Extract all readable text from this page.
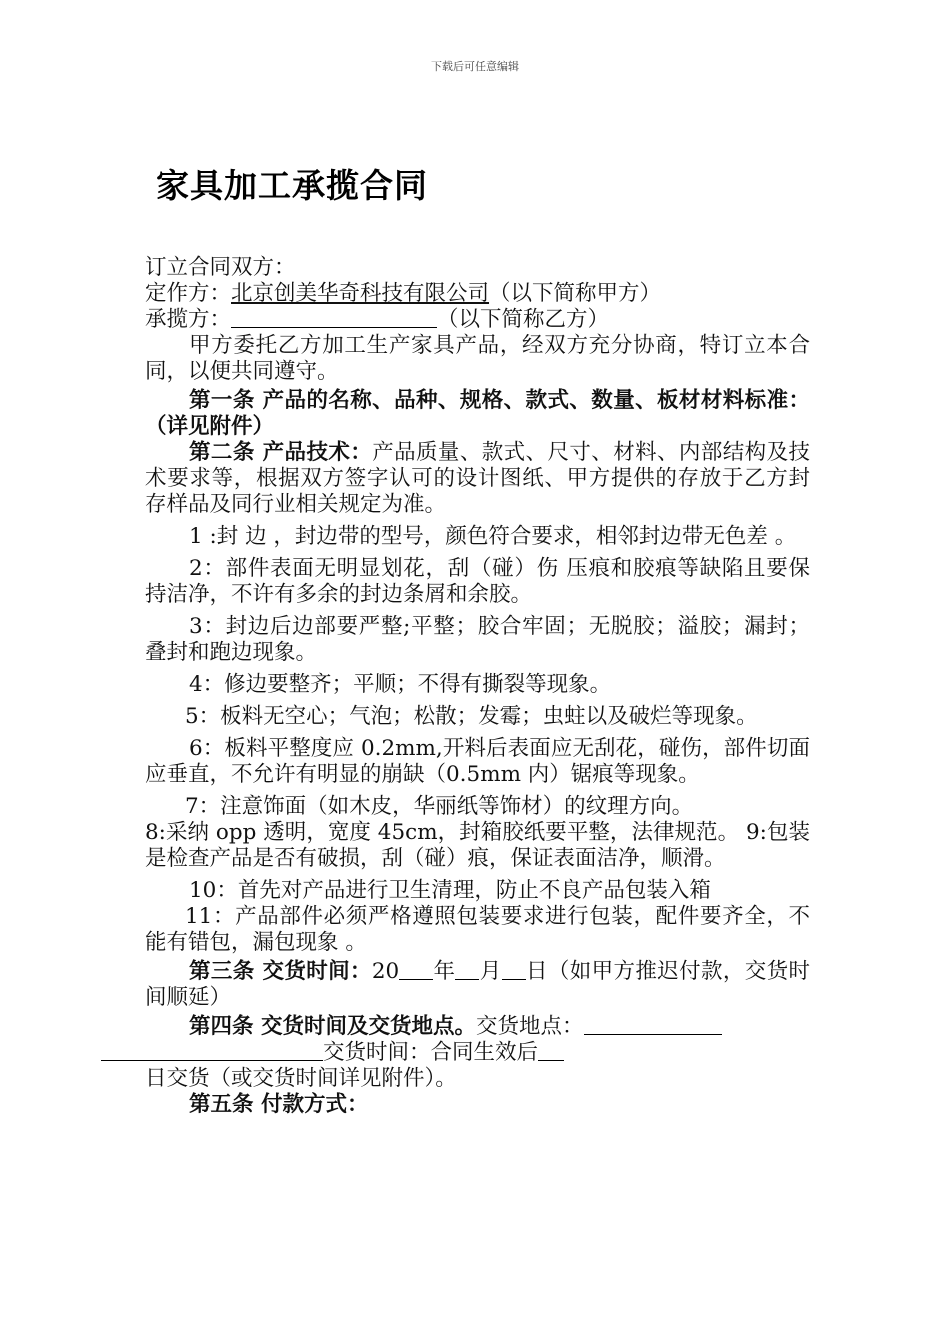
下载后可任意编辑
家具加工承揽合同

订立合同双方：

定作方：北京创美华奇科技有限公司（以下简称甲方）

承揽方：	（以下简称乙方）

甲方委托乙方加工生产家具产品，经双方充分协商，特订立本合同，以便共同遵守。

第一条 产品的名称、品种、规格、款式、数量、板材材料标准：（详见附件）

第二条 产品技术：产品质量、款式、尺寸、材料、内部结构及技术要求等，根据双方签字认可的设计图纸、甲方提供的存放于乙方封存样品及同行业相关规定为准。

1 :封 边 ，封边带的型号，颜色符合要求，相邻封边带无色差 。

2：部件表面无明显划花，刮（碰）伤 压痕和胶痕等缺陷且要保持洁净，不许有多余的封边条屑和余胶。

3：封边后边部要严整;平整；胶合牢固；无脱胶；溢胶；漏封；叠封和跑边现象。

4：修边要整齐；平顺；不得有撕裂等现象。

5：板料无空心；气泡；松散；发霉；虫蛀以及破烂等现象。

6：板料平整度应 0.2mm,开料后表面应无刮花，碰伤，部件切面应垂直，不允许有明显的崩缺（0.5mm 内）锯痕等现象。

7：注意饰面（如木皮，华丽纸等饰材）的纹理方向。
8:采纳 opp 透明，宽度 45cm，封箱胶纸要平整，法律规范。 9:包装是检查产品是否有破损，刮（碰）痕，保证表面洁净，顺滑。

10：首先对产品进行卫生清理，防止不良产品包装入箱

11：产品部件必须严格遵照包装要求进行包装，配件要齐全，不能有错包，漏包现象 。

第三条 交货时间：20 年 月 日（如甲方推迟付款，交货时间顺延）

第四条 交货时间及交货地点。交货地点：
交货时间：合同生效后

日交货（或交货时间详见附件）。

第五条 付款方式：
